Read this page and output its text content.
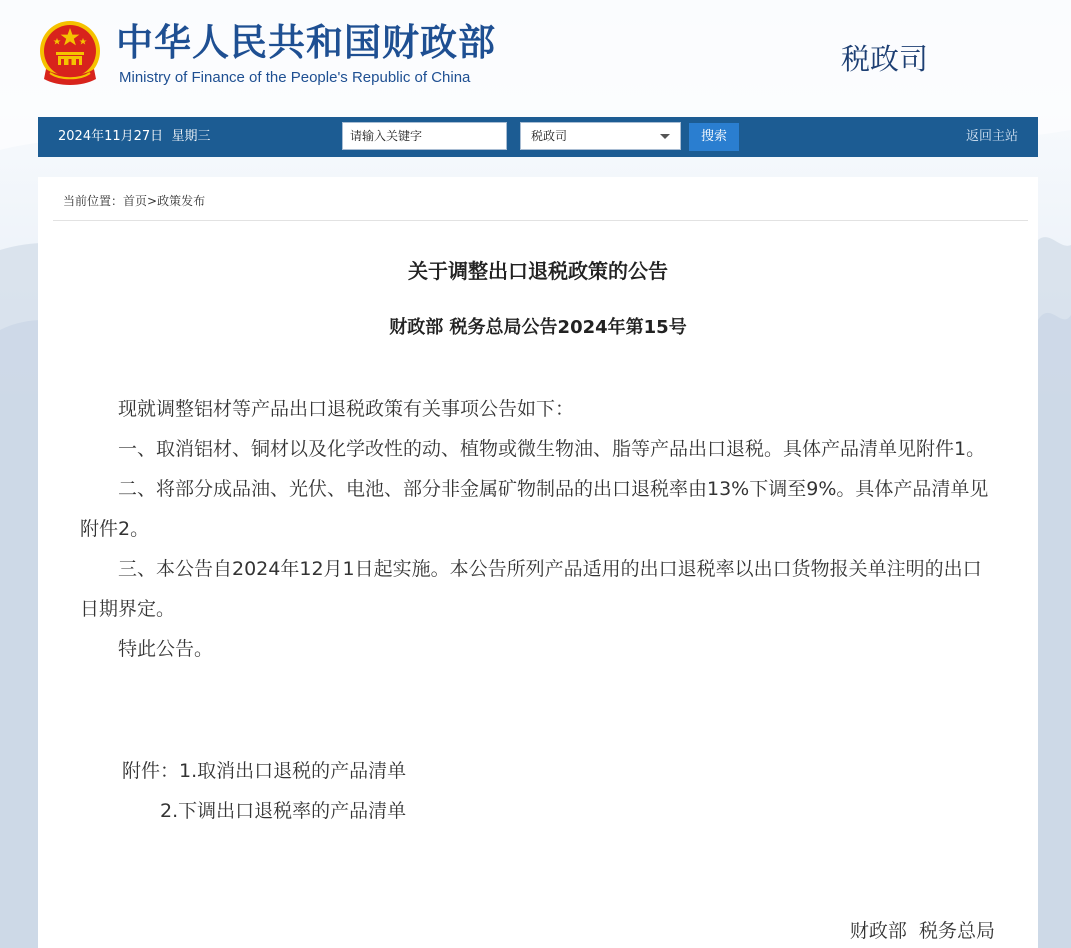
中华人民共和国财政部
Ministry of Finance of the People's Republic of China
税政司
2024年11月27日 星期三
请输入关键字	税政司	搜索	返回主站
当前位置：首页>政策发布
关于调整出口退税政策的公告
财政部 税务总局公告2024年第15号

现就调整铝材等产品出口退税政策有关事项公告如下：

一、取消铝材、铜材以及化学改性的动、植物或微生物油、脂等产品出口退税。具体产品清单见附件1。

二、将部分成品油、光伏、电池、部分非金属矿物制品的出口退税率由13%下调至9%。具体产品清单见附件2。

三、本公告自2024年12月1日起实施。本公告所列产品适用的出口退税率以出口货物报关单注明的出口日期界定。

特此公告。

附件：1.取消出口退税的产品清单
2.下调出口退税率的产品清单
财政部  税务总局
